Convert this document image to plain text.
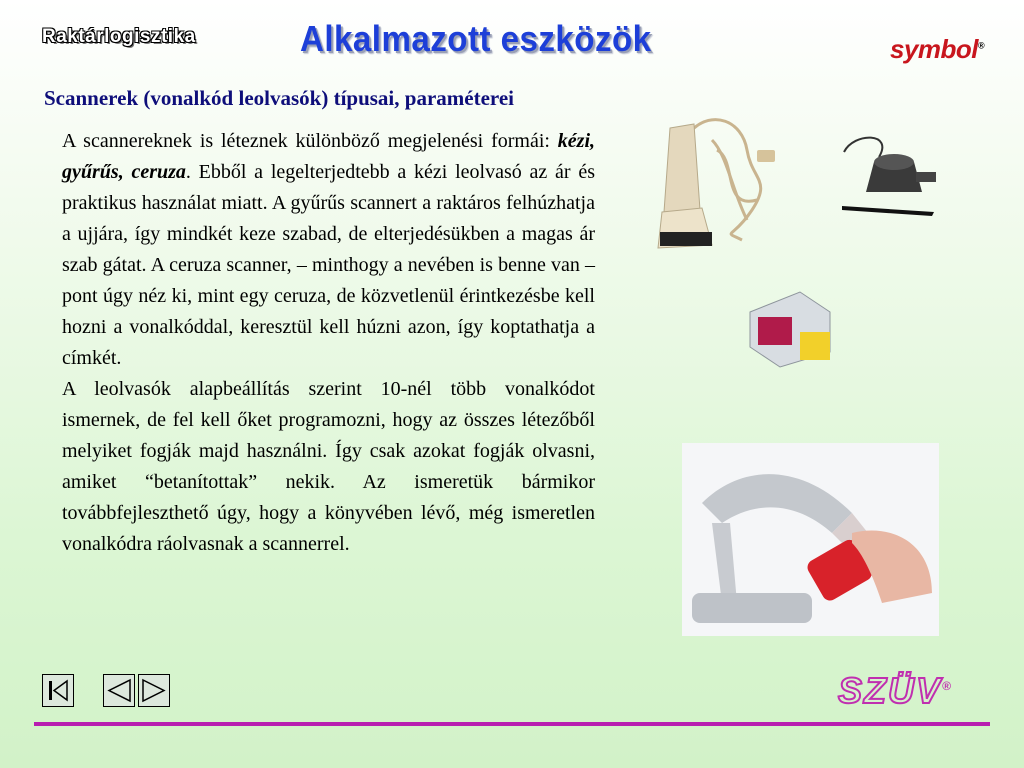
Raktárlogisztika	Alkalmazott eszközök	symbol®
Scannerek (vonalkód leolvasók) típusai, paraméterei

A scannereknek is léteznek különböző megjelenési formái: kézi, gyűrűs, ceruza. Ebből a legelterjedtebb a kézi leolvasó az ár és praktikus használat miatt. A gyűrűs scannert a raktáros felhúzhatja a ujjára, így mindkét keze szabad, de elterjedésükben a magas ár szab gátat. A ceruza scanner, – minthogy a nevében is benne van – pont úgy néz ki, mint egy ceruza, de közvetlenül érintkezésbe kell hozni a vonalkóddal, keresztül kell húzni azon, így koptathatja a címkét.

A leolvasók alapbeállítás szerint 10-nél több vonalkódot ismernek, de fel kell őket programozni, hogy az összes létezőből melyiket fogják majd használni. Így csak azokat fogják olvasni, amiket “betanítottak” nekik. Az ismeretük bármikor továbbfejleszthető úgy, hogy a könyvében lévő, még ismeretlen vonalkódra ráolvasnak a scannerrel.

SZÜV®
